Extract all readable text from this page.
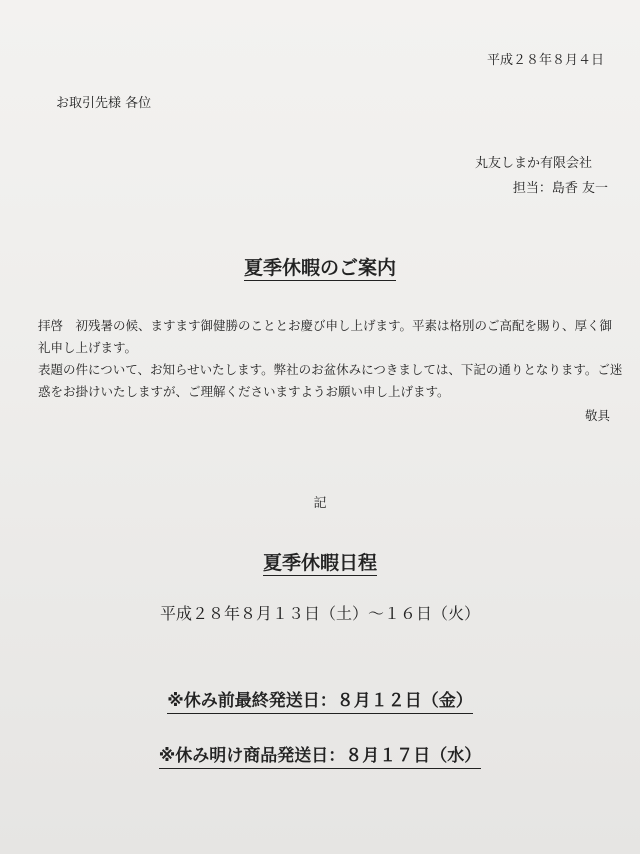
平成２８年８月４日
お取引先様 各位
丸友しまか有限会社
担当：島香 友一
夏季休暇のご案内

拝啓　初残暑の候、ますます御健勝のこととお慶び申し上げます。平素は格別のご高配を賜り、厚く御礼申し上げます。

表題の件について、お知らせいたします。弊社のお盆休みにつきましては、下記の通りとなります。ご迷惑をお掛けいたしますが、ご理解くださいますようお願い申し上げます。

敬具
記
夏季休暇日程
平成２８年８月１３日（土）～１６日（火）
※休み前最終発送日：８月１２日（金）
※休み明け商品発送日：８月１７日（水）
